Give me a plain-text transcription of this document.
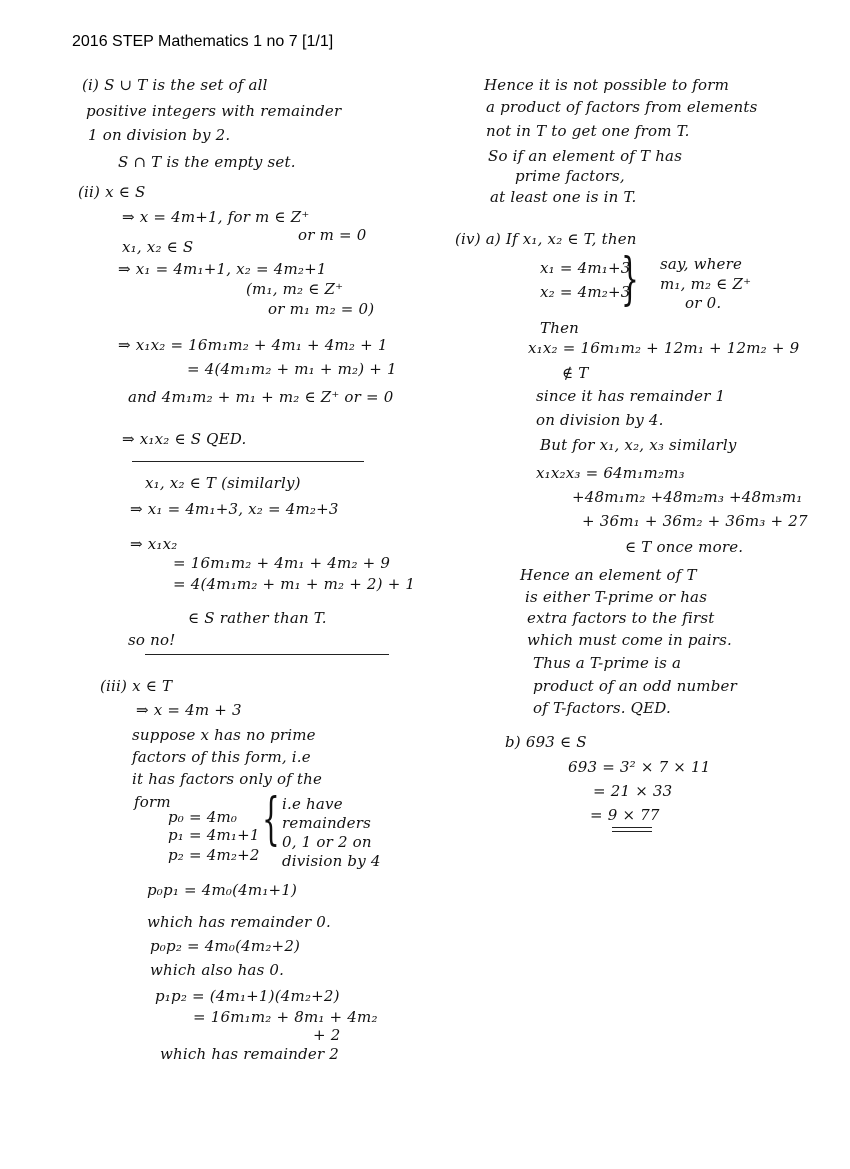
2016 STEP Mathematics 1 no 7 [1/1]
(i) S ∪ T is the set of all
positive integers with remainder
1 on division by 2.
S ∩ T is the empty set.
(ii) x ∈ S
⇒ x = 4m+1, for m ∈ Z⁺
or m = 0
x₁, x₂ ∈ S
⇒ x₁ = 4m₁+1, x₂ = 4m₂+1
(m₁, m₂ ∈ Z⁺
or m₁ m₂ = 0)
⇒ x₁x₂ = 16m₁m₂ + 4m₁ + 4m₂ + 1
= 4(4m₁m₂ + m₁ + m₂) + 1
and 4m₁m₂ + m₁ + m₂ ∈ Z⁺ or = 0
⇒ x₁x₂ ∈ S QED.
x₁, x₂ ∈ T (similarly)
⇒ x₁ = 4m₁+3, x₂ = 4m₂+3
⇒ x₁x₂
= 16m₁m₂ + 4m₁ + 4m₂ + 9
= 4(4m₁m₂ + m₁ + m₂ + 2) + 1
∈ S rather than T.
so no!
(iii) x ∈ T
⇒ x = 4m + 3
suppose x has no prime
factors of this form, i.e
it has factors only of the
form
p₀ = 4m₀
p₁ = 4m₁+1
p₂ = 4m₂+2
{ i.e have
remainders
0, 1 or 2 on
division by 4
p₀p₁ = 4m₀(4m₁+1)
which has remainder 0.
p₀p₂ = 4m₀(4m₂+2)
which also has 0.
p₁p₂ = (4m₁+1)(4m₂+2)
= 16m₁m₂ + 8m₁ + 4m₂
+ 2
which has remainder 2
Hence it is not possible to form
a product of factors from elements
not in T to get one from T.
So if an element of T has
prime factors,
at least one is in T.
(iv) a) If x₁, x₂ ∈ T, then
x₁ = 4m₁+3
x₂ = 4m₂+3
} say, where
m₁, m₂ ∈ Z⁺
or 0.
Then
x₁x₂ = 16m₁m₂ + 12m₁ + 12m₂ + 9
∉ T
since it has remainder 1
on division by 4.
But for x₁, x₂, x₃ similarly
x₁x₂x₃ = 64m₁m₂m₃
+48m₁m₂ +48m₂m₃ +48m₃m₁
+ 36m₁ + 36m₂ + 36m₃ + 27
∈ T once more.
Hence an element of T
is either T-prime or has
extra factors to the first
which must come in pairs.
Thus a T-prime is a
product of an odd number
of T-factors. QED.
b) 693 ∈ S
693 = 3² × 7 × 11
= 21 × 33
= 9 × 77
